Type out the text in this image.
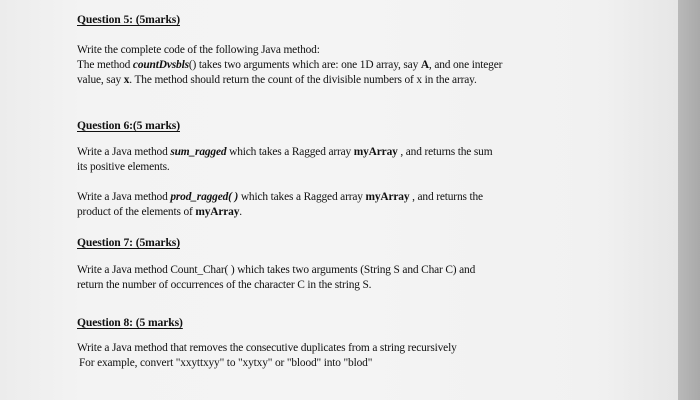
Question 5: (5marks)
Write the complete code of the following Java method:
The method countDvsbls() takes two arguments which are: one 1D array, say A, and one integer
value, say x. The method should return the count of the divisible numbers of x in the array.
Question 6:(5 marks)
Write a Java method sum_ragged which takes a Ragged array myArray , and returns the sum
its positive elements.
Write a Java method prod_ragged( ) which takes a Ragged array myArray , and returns the
product of the elements of myArray.
Question 7: (5marks)
Write a Java method Count_Char( ) which takes two arguments (String S and Char C) and
return the number of occurrences of the character C in the string S.
Question 8: (5 marks)
Write a Java method that removes the consecutive duplicates from a string recursively
For example, convert "xxyttxyy" to "xytxy" or "blood" into "blod"
